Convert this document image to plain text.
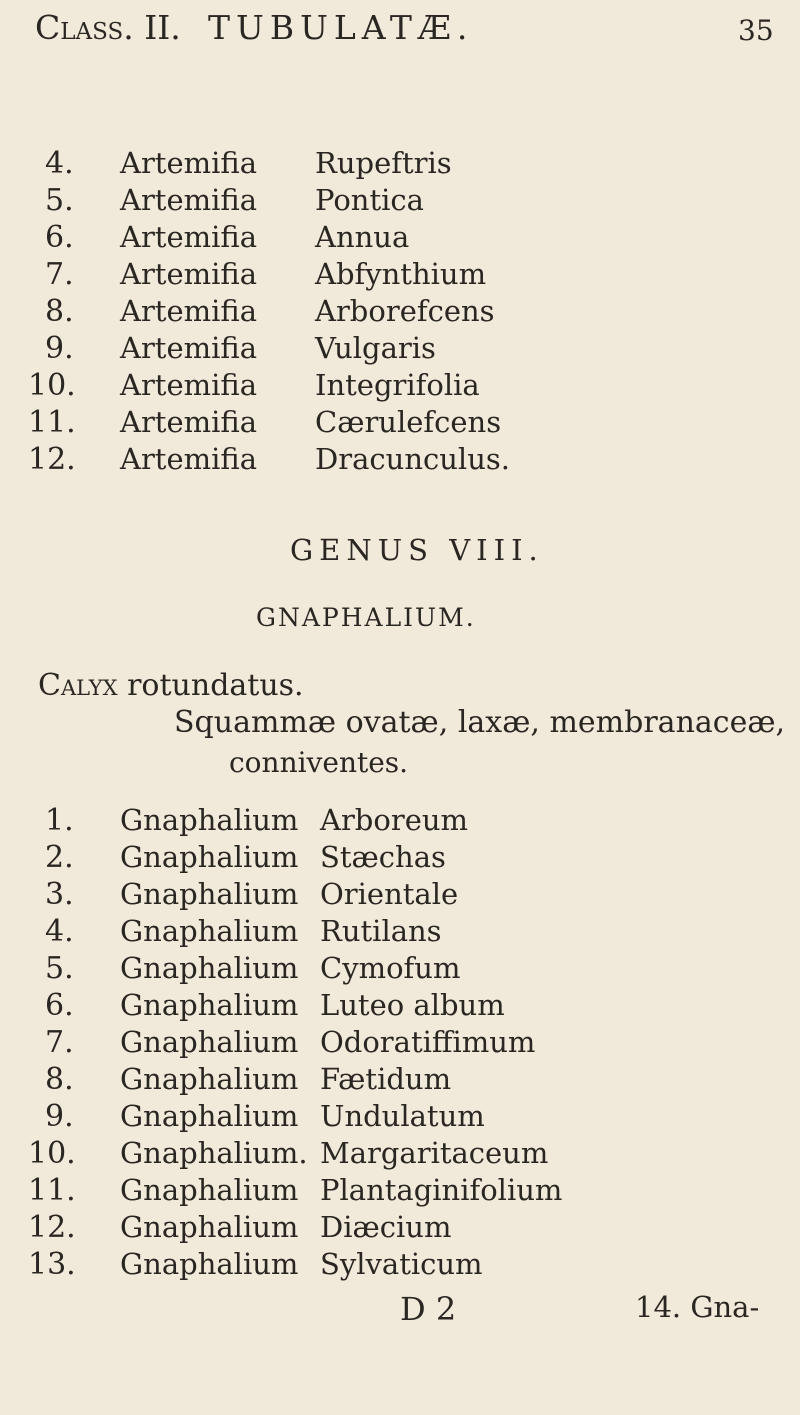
Class. II. TUBULATÆ.	35
4. Artemifia Rupeftris
5. Artemifia Pontica
6. Artemifia Annua
7. Artemifia Abfynthium
8. Artemifia Arborefcens
9. Artemifia Vulgaris
10. Artemifia Integrifolia
11. Artemifia Cærulefcens
12. Artemifia Dracunculus.
GENUS VIII.
GNAPHALIUM.
Calyx rotundatus.
Squammæ ovatæ, laxæ, membranaceæ,
conniventes.
1. Gnaphalium Arboreum
2. Gnaphalium Stæchas
3. Gnaphalium Orientale
4. Gnaphalium Rutilans
5. Gnaphalium Cymofum
6. Gnaphalium Luteo album
7. Gnaphalium Odoratiffimum
8. Gnaphalium Fætidum
9. Gnaphalium Undulatum
10. Gnaphalium. Margaritaceum
11. Gnaphalium Plantaginifolium
12. Gnaphalium Diæcium
13. Gnaphalium Sylvaticum
D 2	14. Gna-
